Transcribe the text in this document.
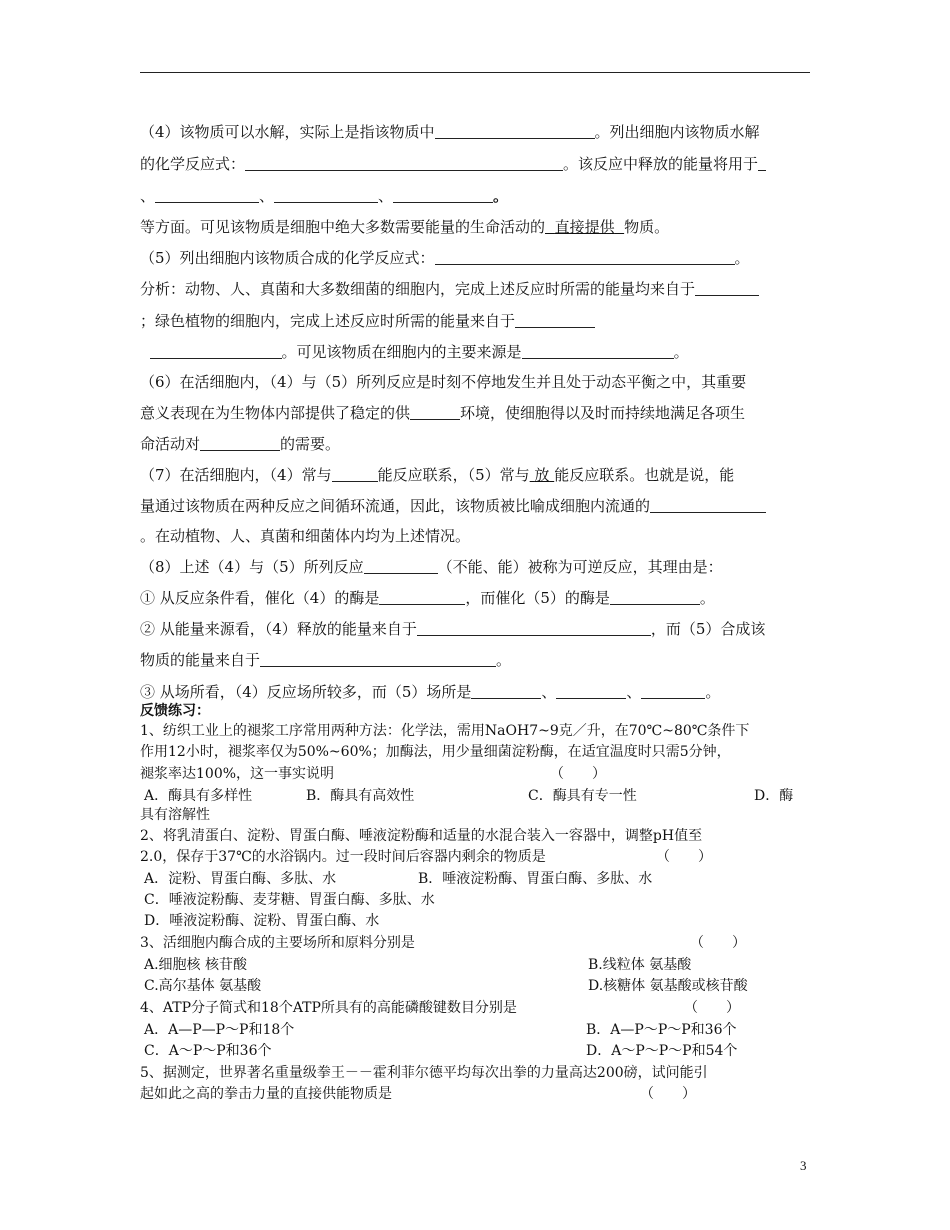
（4）该物质可以水解，实际上是指该物质中	。列出细胞内该物质水解
的化学反应式：	。该反应中释放的能量将用于
、	、	、	。
等方面。可见该物质是细胞中绝大多数需要能量的生命活动的 直接提供 物质。
（5）列出细胞内该物质合成的化学反应式：	。
分析：动物、人、真菌和大多数细菌的细胞内，完成上述反应时所需的能量均来自于
；绿色植物的细胞内，完成上述反应时所需的能量来自于
。可见该物质在细胞内的主要来源是	。
（6）在活细胞内，（4）与（5）所列反应是时刻不停地发生并且处于动态平衡之中，其重要
意义表现在为生物体内部提供了稳定的供	环境，使细胞得以及时而持续地满足各项生
命活动对	的需要。
（7）在活细胞内，（4）常与	能反应联系，（5）常与 放 能反应联系。也就是说，能
量通过该物质在两种反应之间循环流通，因此，该物质被比喻成细胞内流通的
。在动植物、人、真菌和细菌体内均为上述情况。
（8）上述（4）与（5）所列反应	（不能、能）被称为可逆反应，其理由是：
① 从反应条件看，催化（4）的酶是	，而催化（5）的酶是	。
② 从能量来源看，（4）释放的能量来自于	，而（5）合成该
物质的能量来自于	。
③ 从场所看，（4）反应场所较多，而（5）场所是	、	、	。
反馈练习：
1、纺织工业上的褪浆工序常用两种方法：化学法，需用NaOH7~9克／升，在70℃~80℃条件下
作用12小时，褪浆率仅为50%~60%；加酶法，用少量细菌淀粉酶，在适宜温度时只需5分钟，
褪浆率达100%，这一事实说明	（　　）
A．酶具有多样性	B．酶具有高效性	C．酶具有专一性	D．酶
具有溶解性
2、将乳清蛋白、淀粉、胃蛋白酶、唾液淀粉酶和适量的水混合装入一容器中，调整pH值至
2.0，保存于37℃的水浴锅内。过一段时间后容器内剩余的物质是	（　　）
A．淀粉、胃蛋白酶、多肽、水	B．唾液淀粉酶、胃蛋白酶、多肽、水
C．唾液淀粉酶、麦芽糖、胃蛋白酶、多肽、水
D．唾液淀粉酶、淀粉、胃蛋白酶、水
3、活细胞内酶合成的主要场所和原料分别是	（　　）
A.细胞核 核苷酸	B.线粒体 氨基酸
C.高尔基体 氨基酸	D.核糖体 氨基酸或核苷酸
4、ATP分子简式和18个ATP所具有的高能磷酸键数目分别是	（　　）
A．A—P—P～P和18个	B．A—P～P～P和36个
C．A～P～P和36个	D．A～P～P～P和54个
5、据测定，世界著名重量级拳王－－霍利菲尔德平均每次出拳的力量高达200磅，试问能引
起如此之高的拳击力量的直接供能物质是	（　　）
3
